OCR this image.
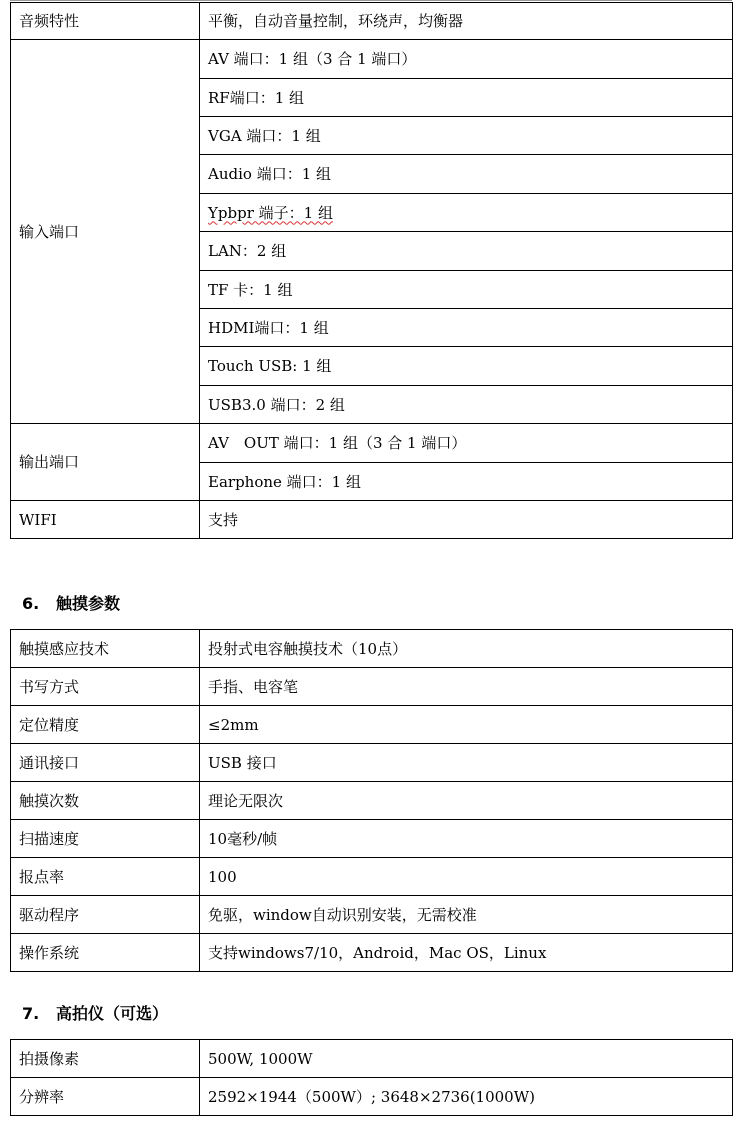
音频特性	平衡，自动音量控制，环绕声，均衡器
输入端口	AV 端口：1 组（3 合 1 端口）
	RF端口：1 组
	VGA 端口：1 组
	Audio 端口：1 组
	Ypbpr 端子：1 组
	LAN：2 组
	TF 卡：1 组
	HDMI端口：1 组
	Touch USB: 1 组
	USB3.0 端口：2 组
输出端口	AV　OUT 端口：1 组（3 合 1 端口）
	Earphone 端口：1 组
WIFI	支持
6. 触摸参数
触摸感应技术	投射式电容触摸技术（10点）
书写方式	手指、电容笔
定位精度	≤2mm
通讯接口	USB 接口
触摸次数	理论无限次
扫描速度	10毫秒/帧
报点率	100
驱动程序	免驱，window自动识别安装，无需校准
操作系统	支持windows7/10，Android，Mac OS，Linux
7. 高拍仪（可选）
拍摄像素	500W, 1000W
分辨率	2592×1944（500W）; 3648×2736(1000W)
